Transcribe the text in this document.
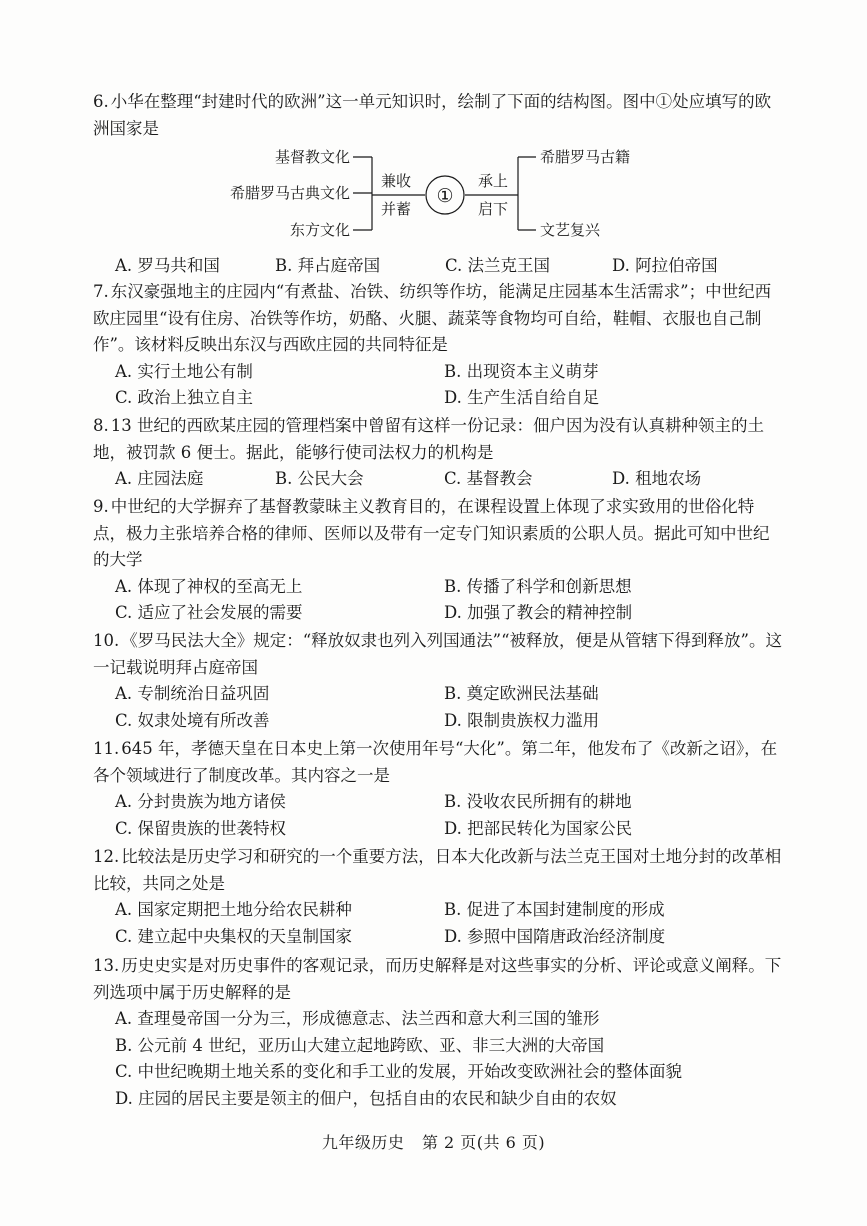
6. 小华在整理“封建时代的欧洲”这一单元知识时，绘制了下面的结构图。图中①处应填写的欧洲国家是

基督教文化
希腊罗马古典文化
东方文化
兼收
并蓄
①
承上
启下
希腊罗马古籍
文艺复兴
A. 罗马共和国	B. 拜占庭帝国	C. 法兰克王国	D. 阿拉伯帝国

7. 东汉豪强地主的庄园内“有煮盐、冶铁、纺织等作坊，能满足庄园基本生活需求”；中世纪西欧庄园里“设有住房、冶铁等作坊，奶酪、火腿、蔬菜等食物均可自给，鞋帽、衣服也自己制作”。该材料反映出东汉与西欧庄园的共同特征是

A. 实行土地公有制	B. 出现资本主义萌芽
C. 政治上独立自主	D. 生产生活自给自足

8. 13 世纪的西欧某庄园的管理档案中曾留有这样一份记录：佃户因为没有认真耕种领主的土地，被罚款 6 便士。据此，能够行使司法权力的机构是

A. 庄园法庭	B. 公民大会	C. 基督教会	D. 租地农场

9. 中世纪的大学摒弃了基督教蒙昧主义教育目的，在课程设置上体现了求实致用的世俗化特点，极力主张培养合格的律师、医师以及带有一定专门知识素质的公职人员。据此可知中世纪的大学

A. 体现了神权的至高无上	B. 传播了科学和创新思想
C. 适应了社会发展的需要	D. 加强了教会的精神控制

10. 《罗马民法大全》规定：“释放奴隶也列入列国通法”“被释放，便是从管辖下得到释放”。这一记载说明拜占庭帝国

A. 专制统治日益巩固	B. 奠定欧洲民法基础
C. 奴隶处境有所改善	D. 限制贵族权力滥用

11. 645 年，孝德天皇在日本史上第一次使用年号“大化”。第二年，他发布了《改新之诏》，在各个领域进行了制度改革。其内容之一是

A. 分封贵族为地方诸侯	B. 没收农民所拥有的耕地
C. 保留贵族的世袭特权	D. 把部民转化为国家公民

12. 比较法是历史学习和研究的一个重要方法，日本大化改新与法兰克王国对土地分封的改革相比较，共同之处是

A. 国家定期把土地分给农民耕种	B. 促进了本国封建制度的形成
C. 建立起中央集权的天皇制国家	D. 参照中国隋唐政治经济制度

13. 历史史实是对历史事件的客观记录，而历史解释是对这些事实的分析、评论或意义阐释。下列选项中属于历史解释的是

A. 查理曼帝国一分为三，形成德意志、法兰西和意大利三国的雏形
B. 公元前 4 世纪，亚历山大建立起地跨欧、亚、非三大洲的大帝国
C. 中世纪晚期土地关系的变化和手工业的发展，开始改变欧洲社会的整体面貌
D. 庄园的居民主要是领主的佃户，包括自由的农民和缺少自由的农奴
九年级历史 第 2 页(共 6 页)
